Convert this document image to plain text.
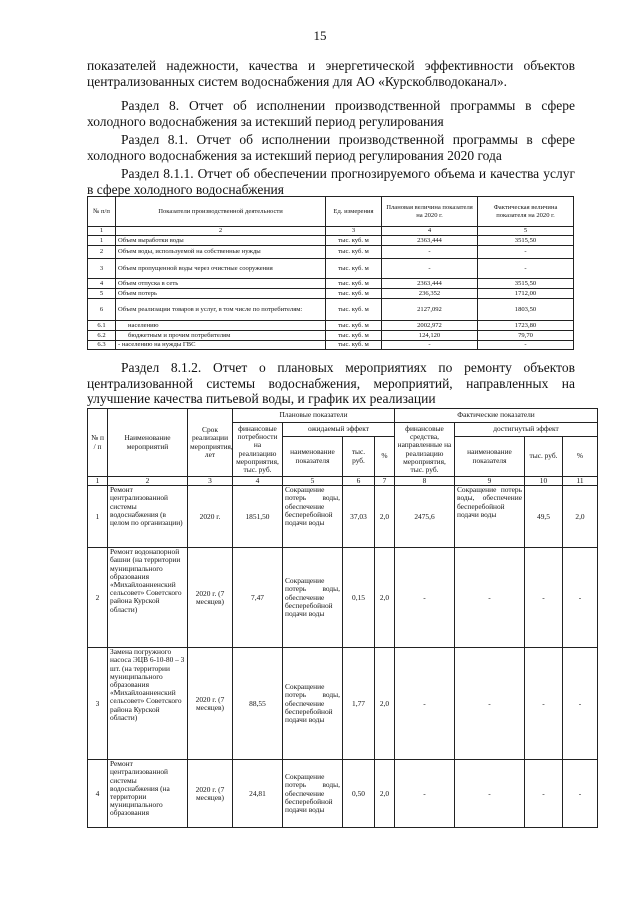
15
показателей надежности, качества и энергетической эффективности объектов централизованных систем водоснабжения для АО «Курскоблводоканал».
Раздел 8. Отчет об исполнении производственной программы в сфере холодного водоснабжения за истекший период регулирования
Раздел 8.1. Отчет об исполнении производственной программы в сфере холодного водоснабжения за истекший период регулирования 2020 года
Раздел 8.1.1. Отчет об обеспечении прогнозируемого объема и качества услуг в сфере холодного водоснабжения
№ п/п	Показатели производственной деятельности	Ед. измерения	Плановая величина показателя на 2020 г.	Фактическая величина показателя на 2020 г.
1	2	3	4	5
1	Объем выработки воды	тыс. куб. м	2363,444	3515,50
2	Объем воды, используемой на собственные нужды	тыс. куб. м	-	-
3	Объем пропущенной воды через очистные сооружения	тыс. куб. м	-	-
4	Объем отпуска в сеть	тыс. куб. м	2363,444	3515,50
5	Объем потерь	тыс. куб. м	236,352	1712,00
6	Объем реализации товаров и услуг, в том числе по потребителям:	тыс. куб. м	2127,092	1803,50
6.1	населению	тыс. куб. м	2002,972	1723,80
6.2	бюджетным и прочим потребителям	тыс. куб. м	124,120	79,70
6.3	- населению на нужды ГВС	тыс. куб. м	-	-
Раздел 8.1.2. Отчет о плановых мероприятиях по ремонту объектов централизованной системы водоснабжения, мероприятий, направленных на улучшение качества питьевой воды, и график их реализации
№ п / п	Наименование мероприятий	Срок реализации мероприятия, лет	Плановые показатели				Фактические показатели			
			финансовые потребности на реализацию мероприятия, тыс. руб.	ожидаемый эффект			финансовые средства, направленные на реализацию мероприятия, тыс. руб.	достигнутый эффект		
				наименование показателя	тыс. руб.	%		наименование показателя	тыс. руб.	%
1	2	3	4	5	6	7	8	9	10	11
1	Ремонт централизованной системы водоснабжения (в целом по организации)	2020 г.	1851,50	Сокращение потерь воды, обеспечение бесперебойной подачи воды	37,03	2,0	2475,6	Сокращение потерь воды, обеспечение бесперебойной подачи воды	49,5	2,0
2	Ремонт водонапорной башни (на территории муниципального образования «Михайлоанненский сельсовет» Советского района Курской области)	2020 г. (7 месяцев)	7,47	Сокращение потерь воды, обеспечение бесперебойной подачи воды	0,15	2,0	-	-	-	-
3	Замена погружного насоса ЭЦВ 6-10-80 – 3 шт. (на территории муниципального образования «Михайлоанненский сельсовет» Советского района Курской области)	2020 г. (7 месяцев)	88,55	Сокращение потерь воды, обеспечение бесперебойной подачи воды	1,77	2,0	-	-	-	-
4	Ремонт централизованной системы водоснабжения (на территории муниципального образования	2020 г. (7 месяцев)	24,81	Сокращение потерь воды, обеспечение бесперебойной подачи воды	0,50	2,0	-	-	-	-
